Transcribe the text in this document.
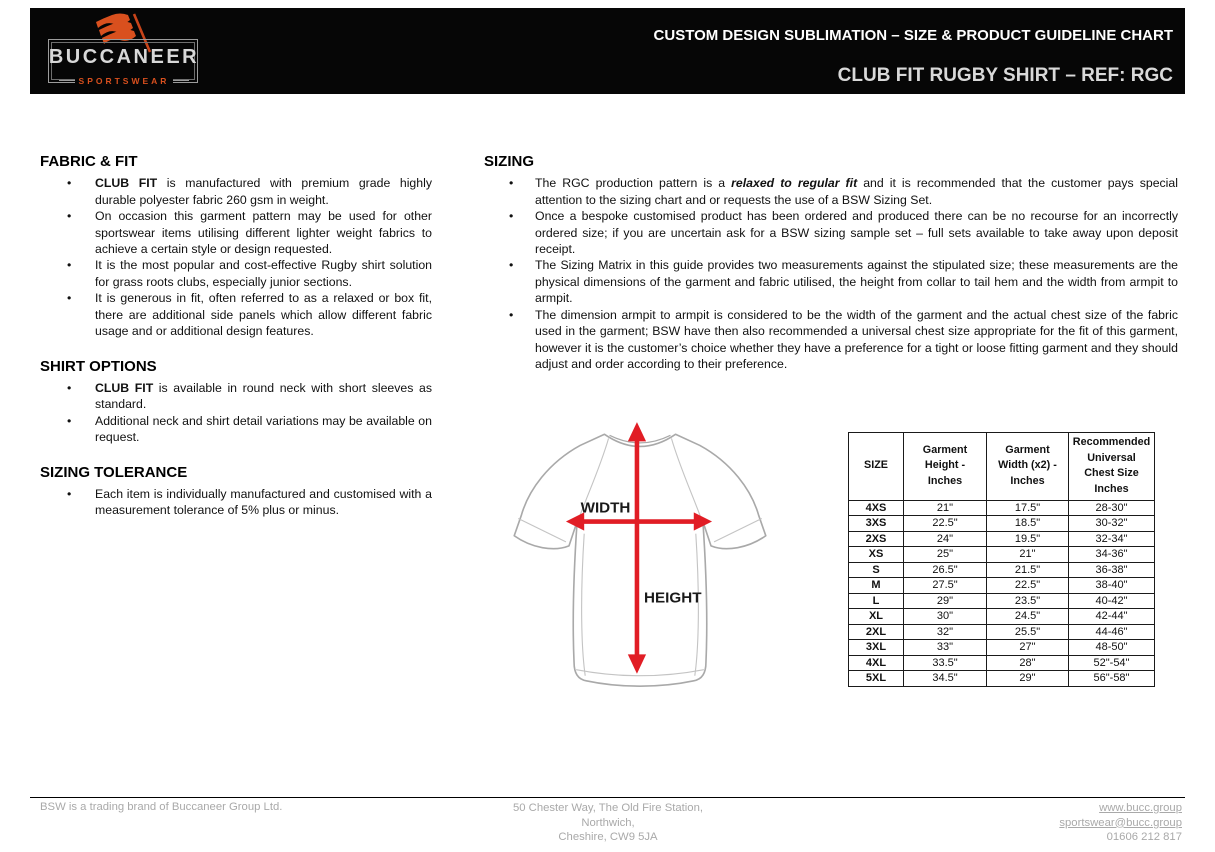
BUCCANEER
SPORTSWEAR
CUSTOM DESIGN SUBLIMATION – SIZE & PRODUCT GUIDELINE CHART
CLUB FIT RUGBY SHIRT – REF: RGC
FABRIC & FIT
• CLUB FIT is manufactured with premium grade highly durable polyester fabric 260 gsm in weight.
• On occasion this garment pattern may be used for other sportswear items utilising different lighter weight fabrics to achieve a certain style or design requested.
• It is the most popular and cost-effective Rugby shirt solution for grass roots clubs, especially junior sections.
• It is generous in fit, often referred to as a relaxed or box fit, there are additional side panels which allow different fabric usage and or additional design features.
SHIRT OPTIONS
• CLUB FIT is available in round neck with short sleeves as standard.
• Additional neck and shirt detail variations may be available on request.
SIZING TOLERANCE
• Each item is individually manufactured and customised with a measurement tolerance of 5% plus or minus.
SIZING
• The RGC production pattern is a relaxed to regular fit and it is recommended that the customer pays special attention to the sizing chart and or requests the use of a BSW Sizing Set.
• Once a bespoke customised product has been ordered and produced there can be no recourse for an incorrectly ordered size; if you are uncertain ask for a BSW sizing sample set – full sets available to take away upon deposit receipt.
• The Sizing Matrix in this guide provides two measurements against the stipulated size; these measurements are the physical dimensions of the garment and fabric utilised, the height from collar to tail hem and the width from armpit to armpit.
• The dimension armpit to armpit is considered to be the width of the garment and the actual chest size of the fabric used in the garment; BSW have then also recommended a universal chest size appropriate for the fit of this garment, however it is the customer’s choice whether they have a preference for a tight or loose fitting garment and they should adjust and order according to their preference.
WIDTH
HEIGHT
SIZE	Garment Height - Inches	Garment Width (x2) - Inches	Recommended Universal Chest Size Inches
4XS	21"	17.5"	28-30"
3XS	22.5"	18.5"	30-32"
2XS	24"	19.5"	32-34"
XS	25"	21"	34-36"
S	26.5"	21.5"	36-38"
M	27.5"	22.5"	38-40"
L	29"	23.5"	40-42"
XL	30"	24.5"	42-44"
2XL	32"	25.5"	44-46"
3XL	33"	27"	48-50"
4XL	33.5"	28"	52"-54"
5XL	34.5"	29"	56"-58"
BSW is a trading brand of Buccaneer Group Ltd.	50 Chester Way, The Old Fire Station,
Northwich,
Cheshire, CW9 5JA
www.bucc.group
sportswear@bucc.group
01606 212 817
